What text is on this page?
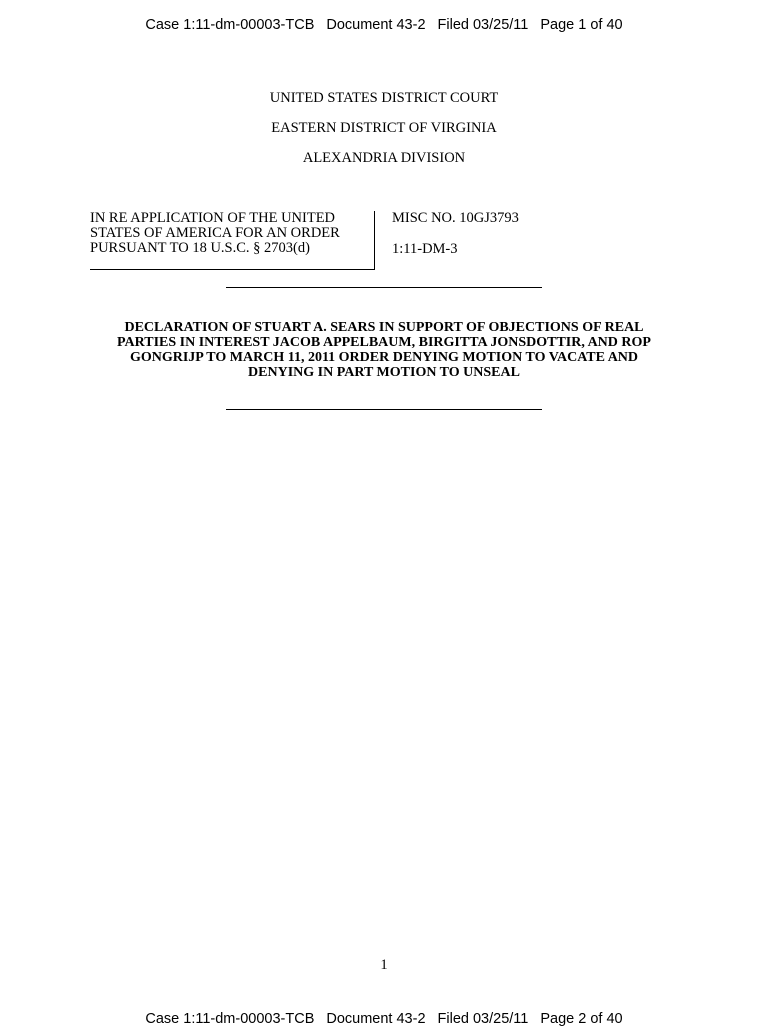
Case 1:11-dm-00003-TCB Document 43-2 Filed 03/25/11 Page 1 of 40
UNITED STATES DISTRICT COURT
EASTERN DISTRICT OF VIRGINIA
ALEXANDRIA DIVISION
IN RE APPLICATION OF THE UNITED
STATES OF AMERICA FOR AN ORDER
PURSUANT TO 18 U.S.C. § 2703(d)
MISC NO. 10GJ3793
1:11-DM-3
DECLARATION OF STUART A. SEARS IN SUPPORT OF OBJECTIONS OF REAL
PARTIES IN INTEREST JACOB APPELBAUM, BIRGITTA JONSDOTTIR, AND ROP
GONGRIJP TO MARCH 11, 2011 ORDER DENYING MOTION TO VACATE AND
DENYING IN PART MOTION TO UNSEAL
1
Case 1:11-dm-00003-TCB Document 43-2 Filed 03/25/11 Page 2 of 40
